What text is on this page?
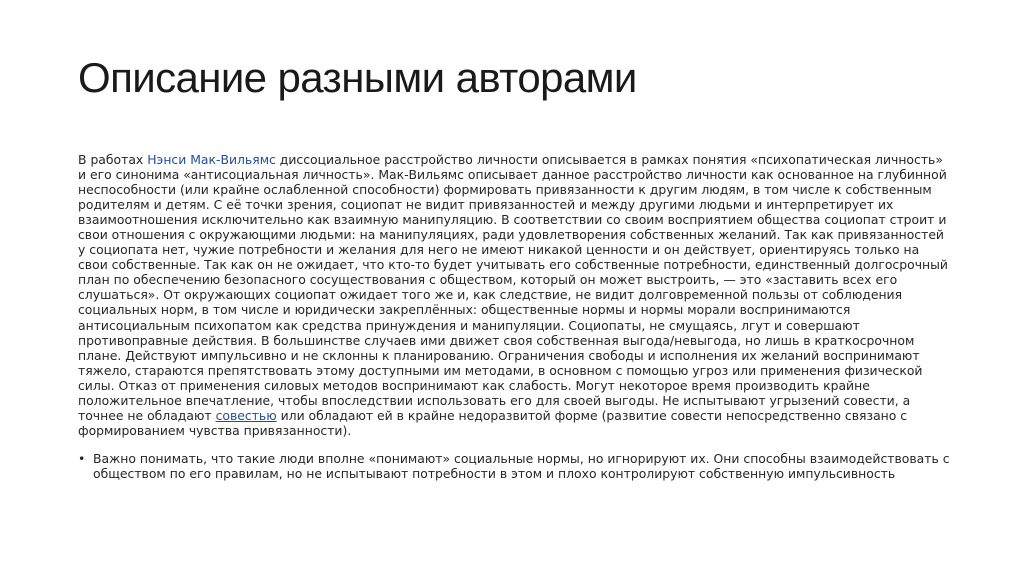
Описание разными авторами

В работах Нэнси Мак-Вильямс диссоциальное расстройство личности описывается в рамках понятия «психопатическая личность» и его синонима «антисоциальная личность». Мак-Вильямс описывает данное расстройство личности как основанное на глубинной неспособности (или крайне ослабленной способности) формировать привязанности к другим людям, в том числе к собственным родителям и детям. С её точки зрения, социопат не видит привязанностей и между другими людьми и интерпретирует их взаимоотношения исключительно как взаимную манипуляцию. В соответствии со своим восприятием общества социопат строит и свои отношения с окружающими людьми: на манипуляциях, ради удовлетворения собственных желаний. Так как привязанностей у социопата нет, чужие потребности и желания для него не имеют никакой ценности и он действует, ориентируясь только на свои собственные. Так как он не ожидает, что кто-то будет учитывать его собственные потребности, единственный долгосрочный план по обеспечению безопасного сосуществования с обществом, который он может выстроить, — это «заставить всех его слушаться». От окружающих социопат ожидает того же и, как следствие, не видит долговременной пользы от соблюдения социальных норм, в том числе и юридически закреплённых: общественные нормы и нормы морали воспринимаются антисоциальным психопатом как средства принуждения и манипуляции. Социопаты, не смущаясь, лгут и совершают противоправные действия. В большинстве случаев ими движет своя собственная выгода/невыгода, но лишь в краткосрочном плане. Действуют импульсивно и не склонны к планированию. Ограничения свободы и исполнения их желаний воспринимают тяжело, стараются препятствовать этому доступными им методами, в основном с помощью угроз или применения физической силы. Отказ от применения силовых методов воспринимают как слабость. Могут некоторое время производить крайне положительное впечатление, чтобы впоследствии использовать его для своей выгоды. Не испытывают угрызений совести, а точнее не обладают совестью или обладают ей в крайне недоразвитой форме (развитие совести непосредственно связано с формированием чувства привязанности).

• Важно понимать, что такие люди вполне «понимают» социальные нормы, но игнорируют их. Они способны взаимодействовать с обществом по его правилам, но не испытывают потребности в этом и плохо контролируют собственную импульсивность
